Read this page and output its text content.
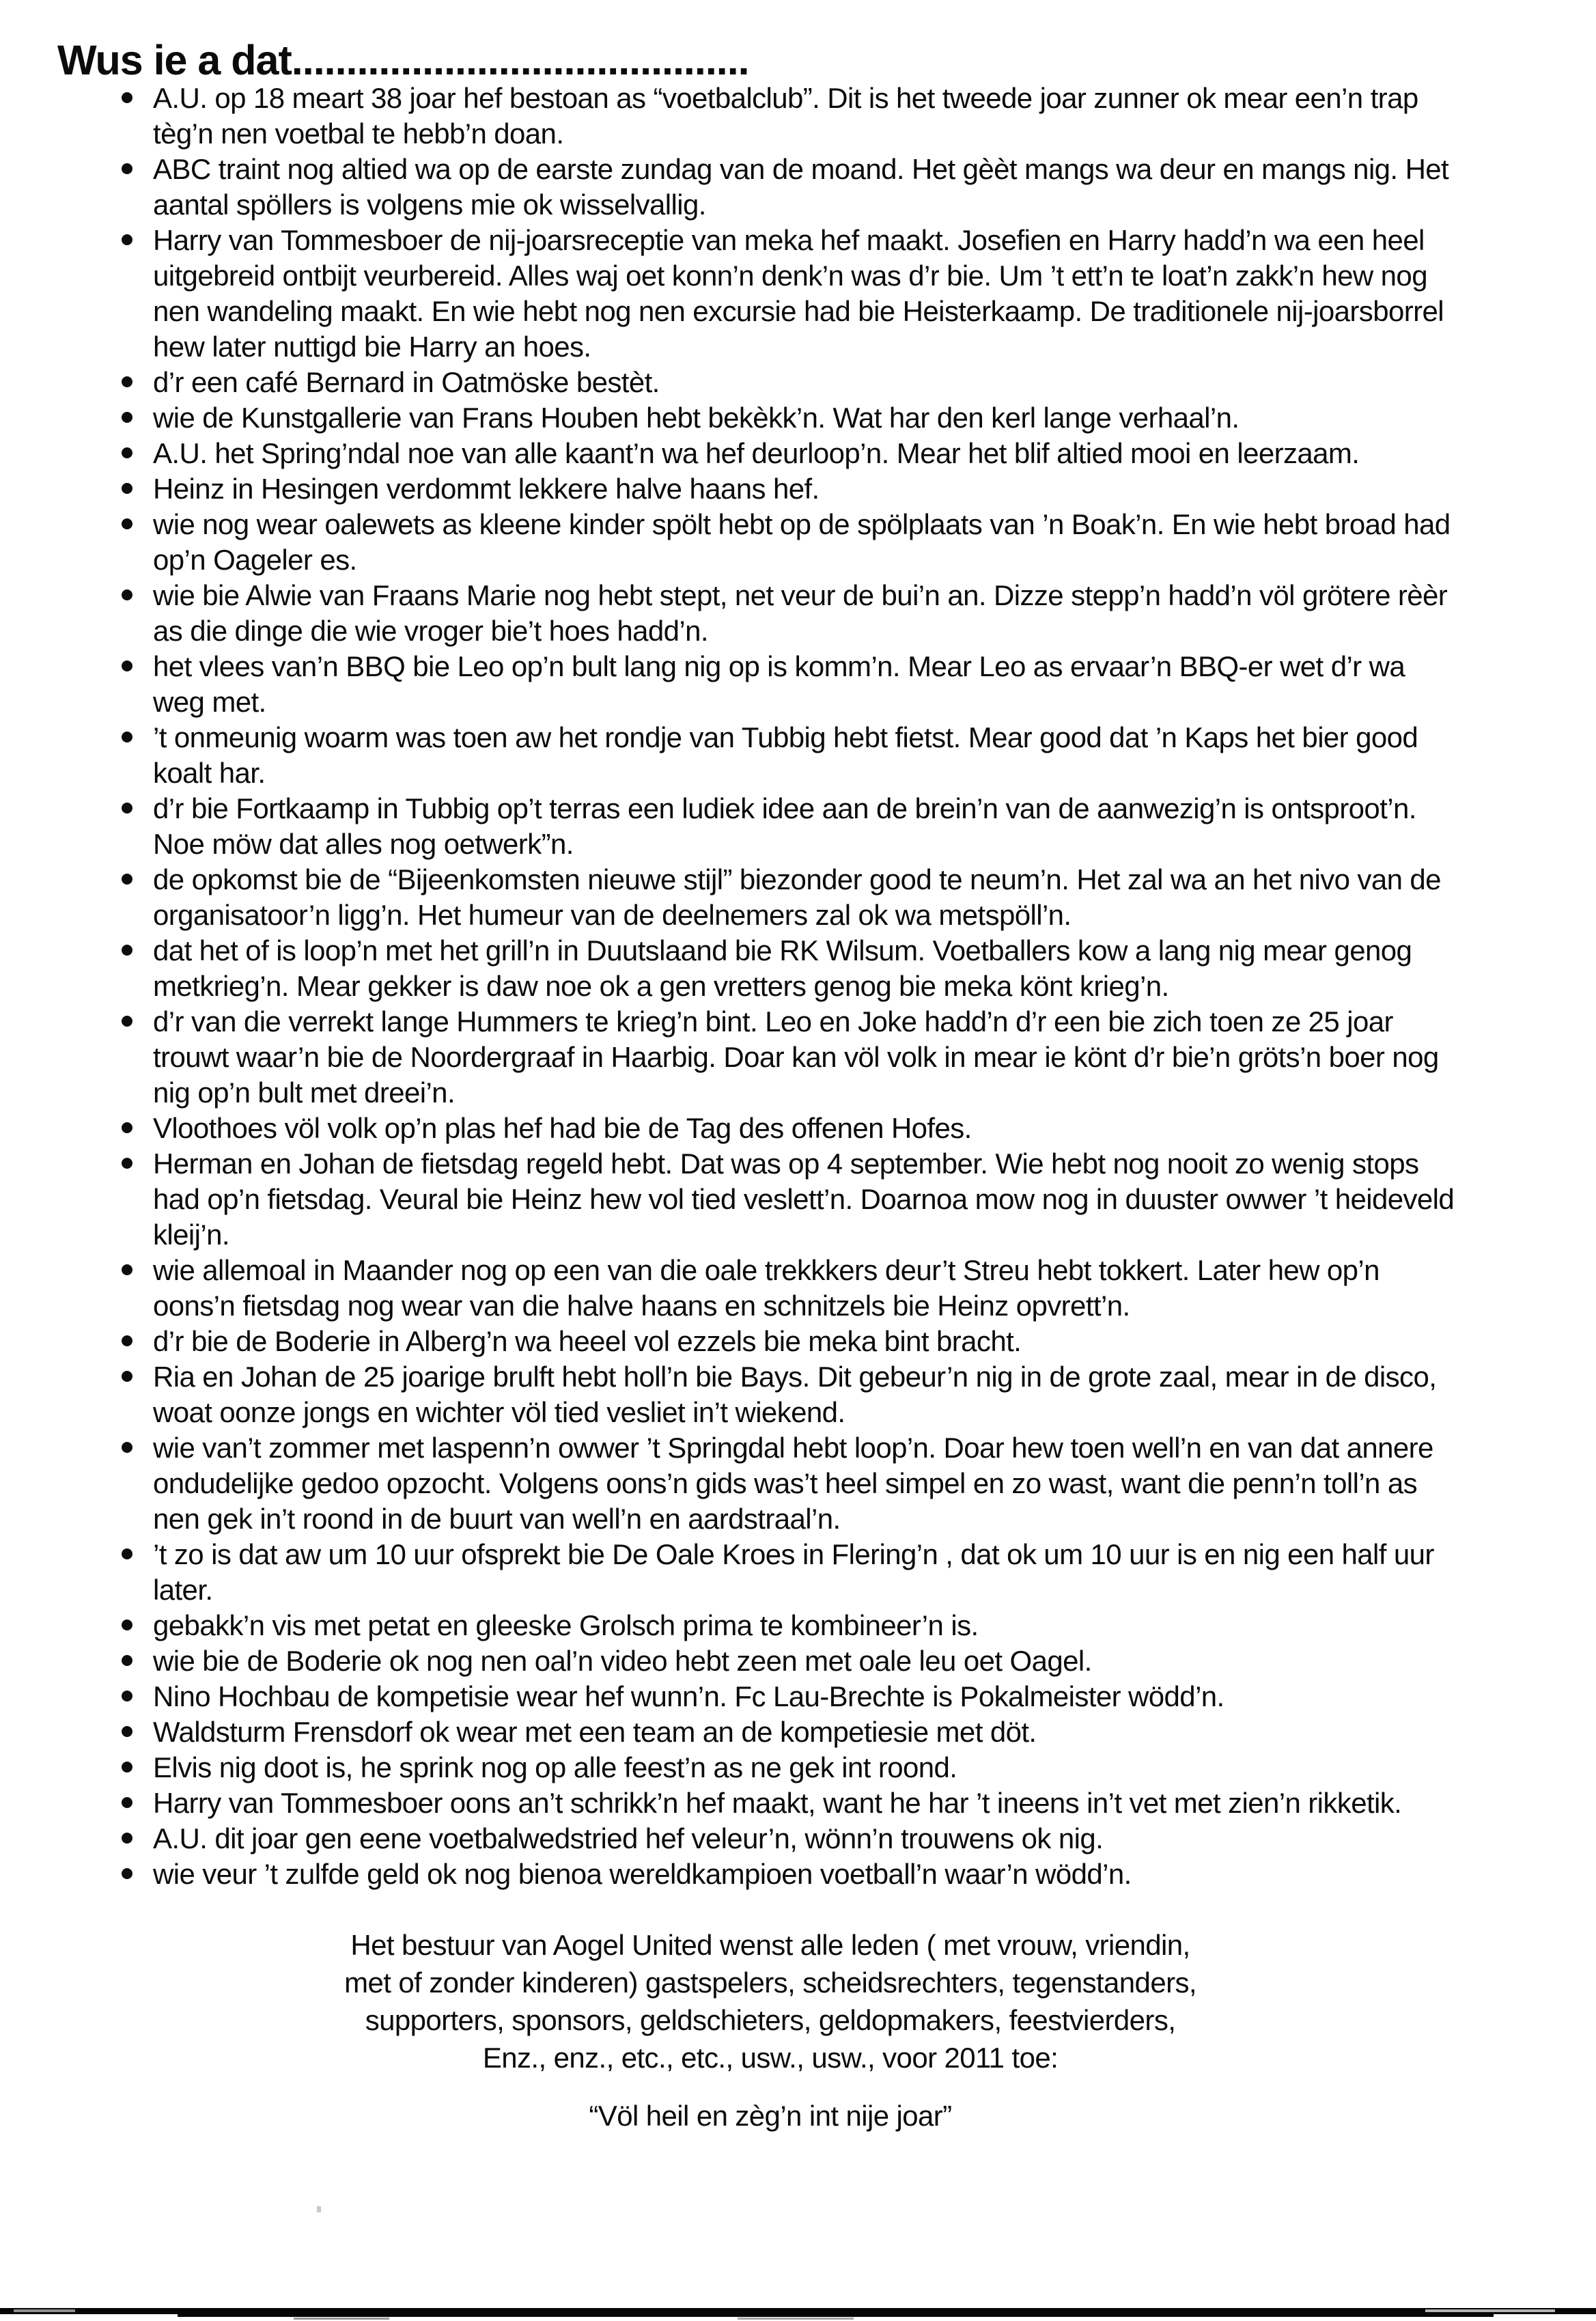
Wus ie a dat..........................................
A.U. op 18 meart 38 joar hef bestoan as “voetbalclub”. Dit is het tweede joar zunner ok mear een’n trap tèg’n nen voetbal te hebb’n doan.
ABC traint nog altied wa op de earste zundag van de moand. Het gèèt mangs wa deur en mangs nig. Het aantal spöllers is volgens mie ok wisselvallig.
Harry van Tommesboer de nij-joarsreceptie van meka hef maakt. Josefien en Harry hadd’n wa een heel uitgebreid ontbijt veurbereid. Alles waj oet konn’n denk’n was d’r bie. Um ’t ett’n te loat’n zakk’n hew nog nen wandeling maakt. En wie hebt nog nen excursie had bie Heisterkaamp. De traditionele nij-joarsborrel hew later nuttigd bie Harry an hoes.
d’r een café Bernard in Oatmöske bestèt.
wie de Kunstgallerie van Frans Houben hebt bekèkk’n. Wat har den kerl lange verhaal’n.
A.U. het Spring’ndal noe van alle kaant’n wa hef deurloop’n. Mear het blif altied mooi en leerzaam.
Heinz in Hesingen verdommt lekkere halve haans hef.
wie nog wear oalewets as kleene kinder spölt hebt op de spölplaats van ’n Boak’n. En wie hebt broad had op’n Oageler es.
wie bie Alwie van Fraans Marie nog hebt stept, net veur de bui’n an. Dizze stepp’n hadd’n völ grötere rèèr as die dinge die wie vroger bie’t hoes hadd’n.
het vlees van’n BBQ bie Leo op’n bult lang nig op is komm’n. Mear Leo as ervaar’n BBQ-er wet d’r wa weg met.
’t onmeunig woarm was toen aw het rondje van Tubbig hebt fietst. Mear good dat ’n Kaps het bier good koalt har.
d’r bie Fortkaamp in Tubbig op’t terras een ludiek idee aan de brein’n van de aanwezig’n is ontsproot’n. Noe möw dat alles nog oetwerk”n.
de opkomst bie de “Bijeenkomsten nieuwe stijl” biezonder good te neum’n. Het zal wa an het nivo van de organisatoor’n ligg’n. Het humeur van de deelnemers zal ok wa metspöll’n.
dat het of is loop’n met het grill’n in Duutslaand bie RK Wilsum. Voetballers kow a lang nig mear genog metkrieg’n. Mear gekker is daw noe ok a gen vretters genog bie meka könt krieg’n.
d’r van die verrekt lange Hummers te krieg’n bint. Leo en Joke hadd’n d’r een bie zich toen ze 25 joar trouwt waar’n bie de Noordergraaf in Haarbig. Doar kan völ volk in mear ie könt d’r bie’n gröts’n boer nog nig op’n bult met dreei’n.
Vloothoes völ volk op’n plas hef had bie de Tag des offenen Hofes.
Herman en Johan de fietsdag regeld hebt. Dat was op 4 september. Wie hebt nog nooit zo wenig stops had op’n fietsdag. Veural bie Heinz hew vol tied veslett’n. Doarnoa mow nog in duuster owwer ’t heideveld kleij’n.
wie allemoal in Maander nog op een van die oale trekkkers deur’t Streu hebt tokkert. Later hew op’n oons’n fietsdag nog wear van die halve haans en schnitzels bie Heinz opvrett’n.
d’r bie de Boderie in Alberg’n wa heeel vol ezzels bie meka bint bracht.
Ria en Johan de 25 joarige brulft hebt holl’n bie Bays. Dit gebeur’n nig in de grote zaal, mear in de disco, woat oonze jongs en wichter völ tied vesliet in’t wiekend.
wie van’t zommer met laspenn’n owwer ’t Springdal hebt loop’n. Doar hew toen well’n en van dat annere ondudelijke gedoo opzocht. Volgens oons’n gids was’t heel simpel en zo wast, want die penn’n toll’n as nen gek in’t roond in de buurt van well’n en aardstraal’n.
’t zo is dat aw um 10 uur ofsprekt bie De Oale Kroes in Flering’n , dat ok um 10 uur is en nig een half uur later.
gebakk’n vis met petat en gleeske Grolsch prima te kombineer’n is.
wie bie de Boderie ok nog nen oal’n video hebt zeen met oale leu oet Oagel.
Nino Hochbau de kompetisie wear hef wunn’n. Fc Lau-Brechte is Pokalmeister wödd’n.
Waldsturm Frensdorf ok wear met een team an de kompetiesie met döt.
Elvis nig doot is, he sprink nog op alle feest’n as ne gek int roond.
Harry van Tommesboer oons an’t schrikk’n hef maakt, want he har ’t ineens in’t vet met zien’n rikketik.
A.U. dit joar gen eene voetbalwedstried hef veleur’n, wönn’n trouwens ok nig.
wie veur ’t zulfde geld ok nog bienoa wereldkampioen voetball’n waar’n wödd’n.
Het bestuur van Aogel United wenst alle leden ( met vrouw, vriendin,
met of zonder kinderen) gastspelers, scheidsrechters, tegenstanders,
supporters, sponsors, geldschieters, geldopmakers, feestvierders,
Enz., enz., etc., etc., usw., usw., voor 2011 toe:
“Völ heil en zèg’n int nije joar”
